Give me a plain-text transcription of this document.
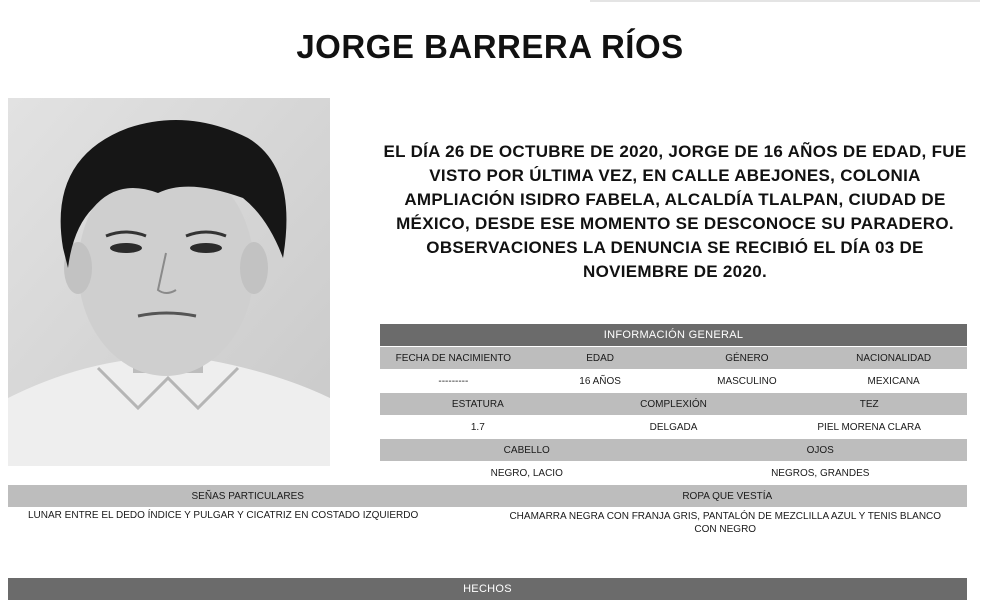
JORGE BARRERA RÍOS
EL DÍA 26 DE OCTUBRE DE 2020, JORGE DE 16 AÑOS DE EDAD, FUE VISTO POR ÚLTIMA VEZ, EN CALLE ABEJONES, COLONIA AMPLIACIÓN ISIDRO FABELA, ALCALDÍA TLALPAN, CIUDAD DE MÉXICO, DESDE ESE MOMENTO SE DESCONOCE SU PARADERO. OBSERVACIONES LA DENUNCIA SE RECIBIÓ EL DÍA 03 DE NOVIEMBRE DE 2020.
INFORMACIÓN GENERAL
FECHA DE NACIMIENTO	EDAD	GÉNERO	NACIONALIDAD
---------	16 AÑOS	MASCULINO	MEXICANA
ESTATURA	COMPLEXIÓN	TEZ
1.7	DELGADA	PIEL MORENA CLARA
CABELLO	OJOS
NEGRO, LACIO	NEGROS, GRANDES
SEÑAS PARTICULARES	ROPA QUE VESTÍA
LUNAR ENTRE EL DEDO ÍNDICE Y PULGAR Y CICATRIZ EN COSTADO IZQUIERDO	CHAMARRA NEGRA CON FRANJA GRIS, PANTALÓN DE MEZCLILLA AZUL Y TENIS BLANCO CON NEGRO
HECHOS
